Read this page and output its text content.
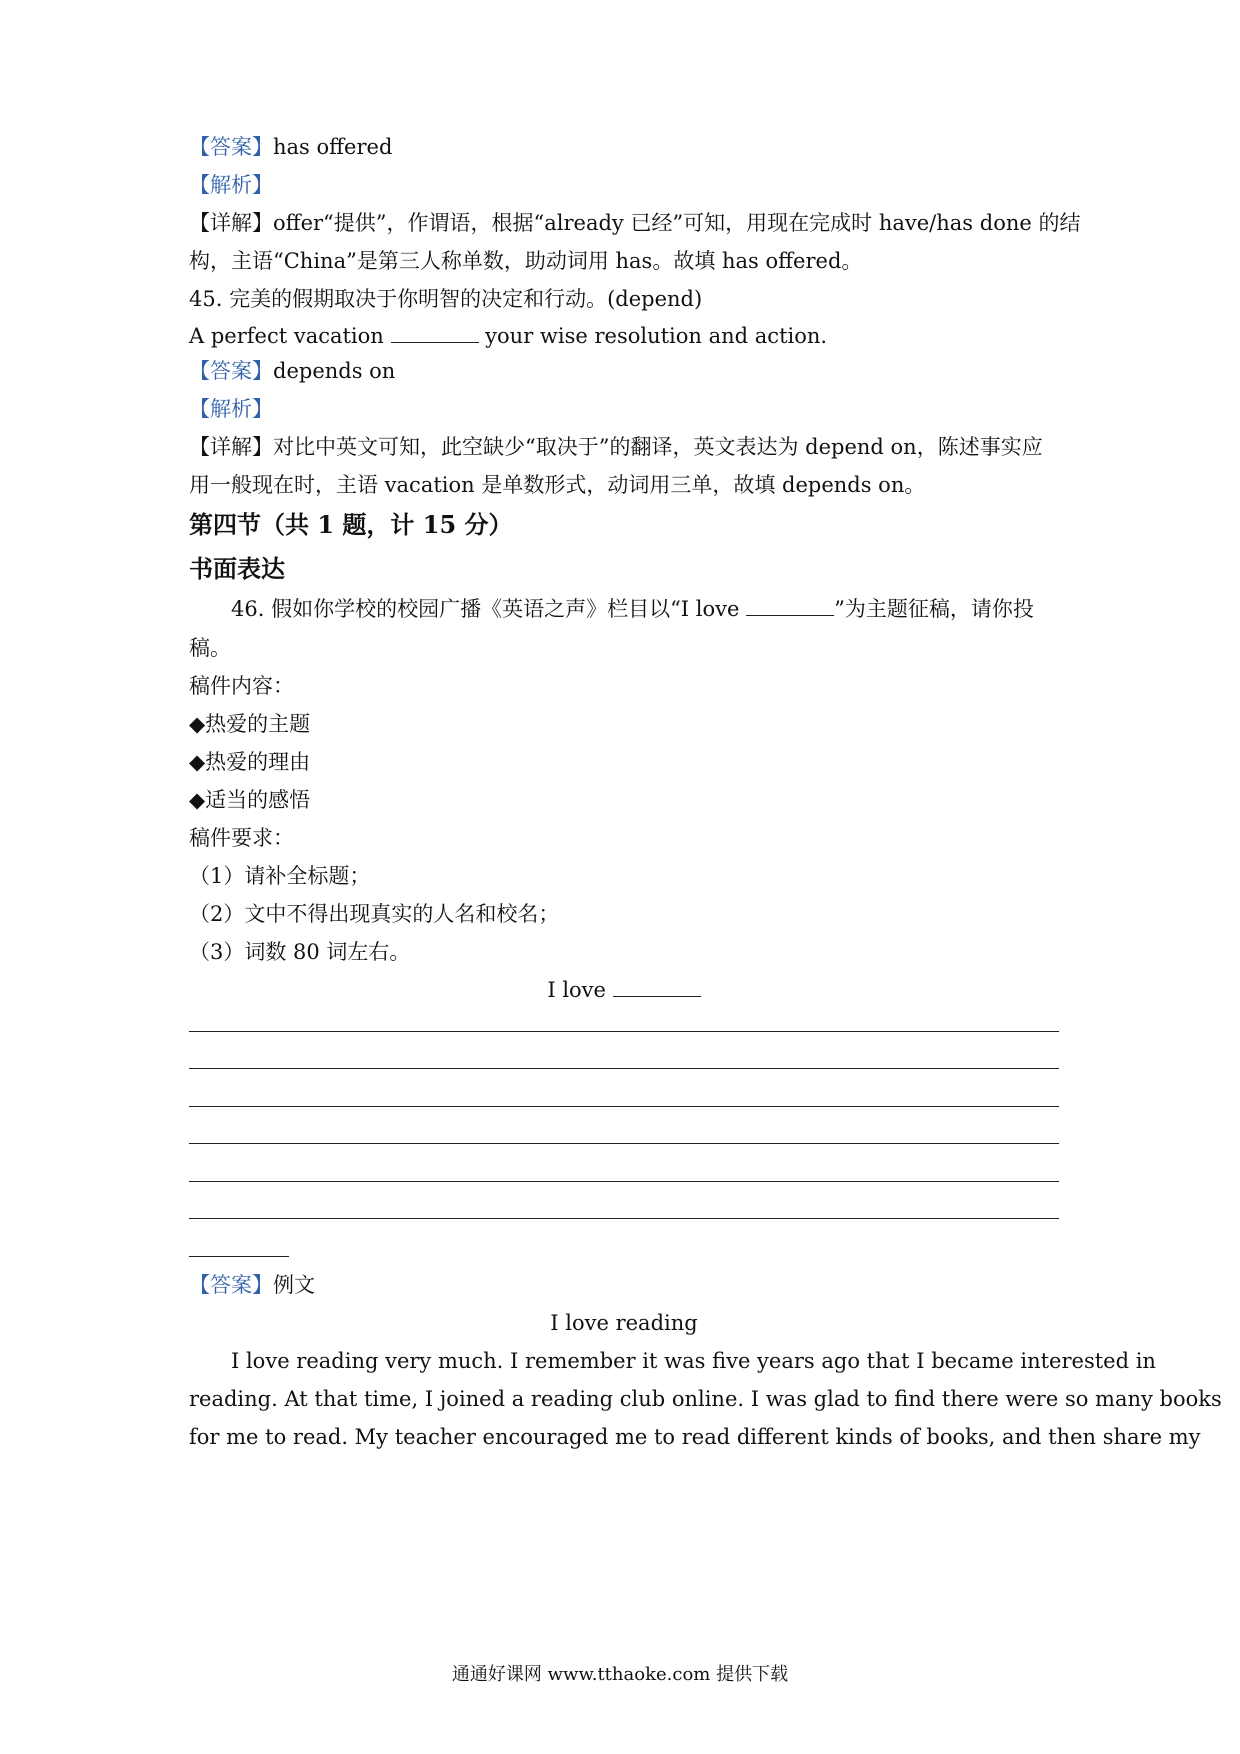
【答案】has offered
【解析】
【详解】offer“提供”，作谓语，根据“already 已经”可知，用现在完成时 have/has done 的结
构，主语“China”是第三人称单数，助动词用 has。故填 has offered。
45. 完美的假期取决于你明智的决定和行动。(depend)
A perfect vacation	your wise resolution and action.
【答案】depends on
【解析】
【详解】对比中英文可知，此空缺少“取决于”的翻译，英文表达为 depend on，陈述事实应
用一般现在时，主语 vacation 是单数形式，动词用三单，故填 depends on。
第四节（共 1 题，计 15 分）
书面表达
46. 假如你学校的校园广播《英语之声》栏目以“I love	”为主题征稿，请你投
稿。
稿件内容：
◆热爱的主题
◆热爱的理由
◆适当的感悟
稿件要求：
（1）请补全标题；
（2）文中不得出现真实的人名和校名；
（3）词数 80 词左右。
I love
【答案】例文
I love reading
I love reading very much. I remember it was five years ago that I became interested in
reading. At that time, I joined a reading club online. I was glad to find there were so many books
for me to read. My teacher encouraged me to read different kinds of books, and then share my
通通好课网 www.tthaoke.com 提供下载
